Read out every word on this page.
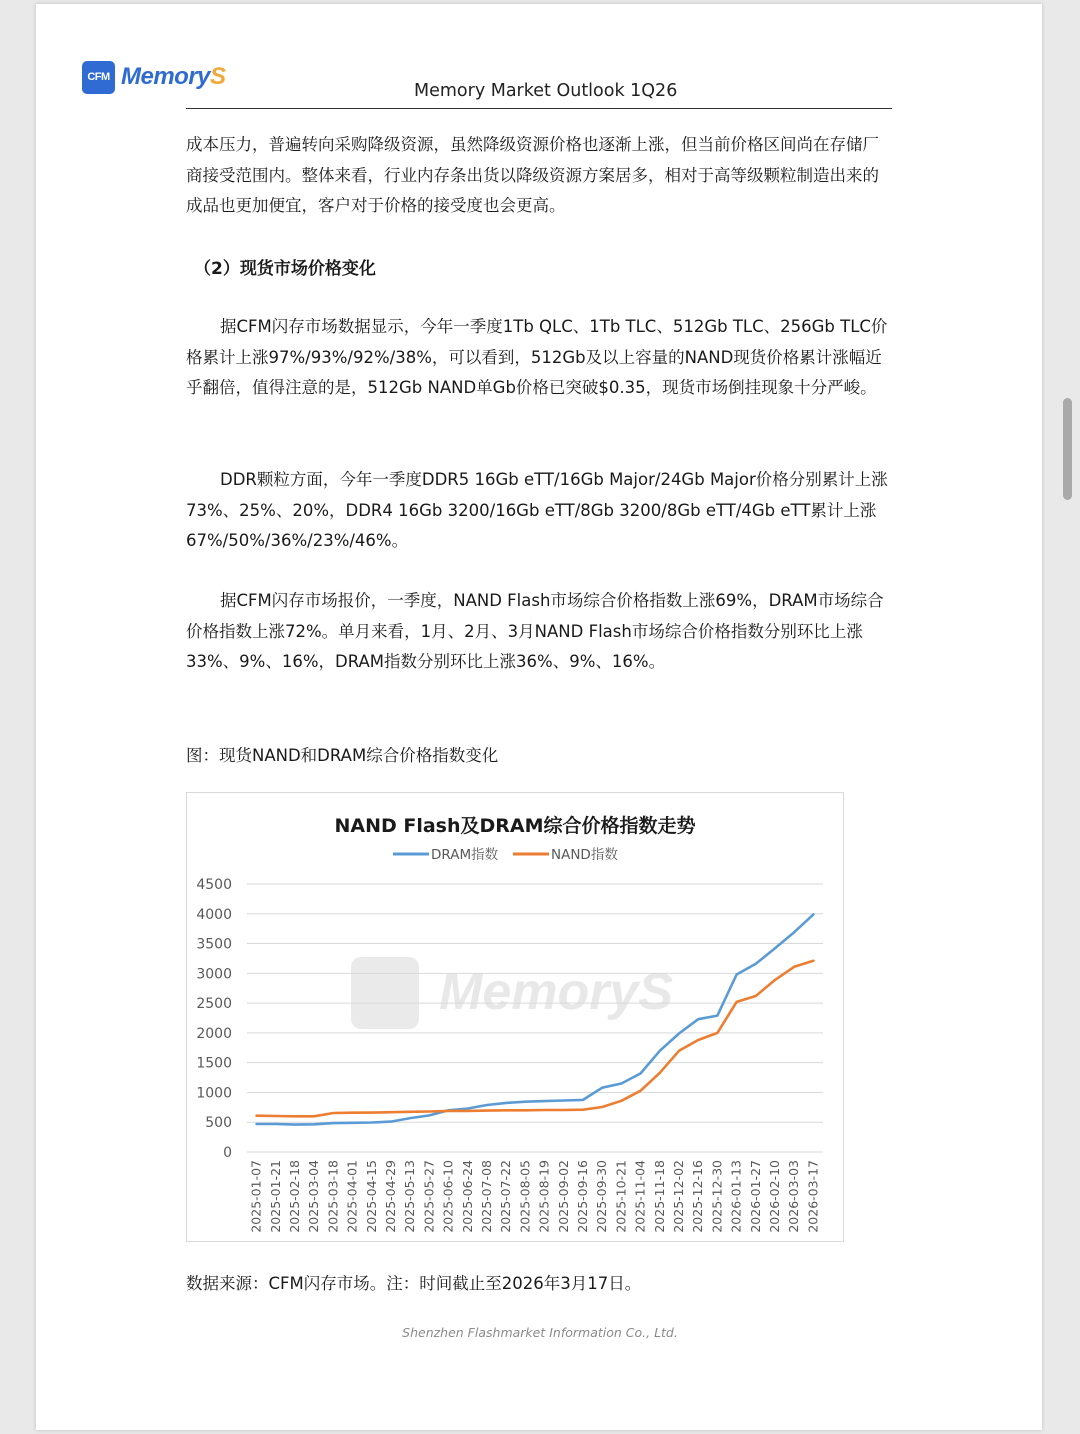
CFM MemoryS
Memory Market Outlook 1Q26

成本压力，普遍转向采购降级资源，虽然降级资源价格也逐渐上涨，但当前价格区间尚在存储厂商接受范围内。整体来看，行业内存条出货以降级资源方案居多，相对于高等级颗粒制造出来的成品也更加便宜，客户对于价格的接受度也会更高。

（2）现货市场价格变化

据CFM闪存市场数据显示，今年一季度1Tb QLC、1Tb TLC、512Gb TLC、256Gb TLC价格累计上涨97%/93%/92%/38%，可以看到，512Gb及以上容量的NAND现货价格累计涨幅近乎翻倍，值得注意的是，512Gb NAND单Gb价格已突破$0.35，现货市场倒挂现象十分严峻。

DDR颗粒方面，今年一季度DDR5 16Gb eTT/16Gb Major/24Gb Major价格分别累计上涨73%、25%、20%，DDR4 16Gb 3200/16Gb eTT/8Gb 3200/8Gb eTT/4Gb eTT累计上涨67%/50%/36%/23%/46%。

据CFM闪存市场报价，一季度，NAND Flash市场综合价格指数上涨69%，DRAM市场综合价格指数上涨72%。单月来看，1月、2月、3月NAND Flash市场综合价格指数分别环比上涨33%、9%、16%，DRAM指数分别环比上涨36%、9%、16%。

图：现货NAND和DRAM综合价格指数变化

NAND Flash及DRAM综合价格指数走势
MemoryS
DRAM指数	NAND指数
0
500
1000
1500
2000
2500
3000
3500
4000
4500
2025-01-07 2025-01-21 2025-02-18 2025-03-04 2025-03-18 2025-04-01 2025-04-15 2025-04-29 2025-05-13 2025-05-27 2025-06-10 2025-06-24 2025-07-08 2025-07-22 2025-08-05 2025-08-19 2025-09-02 2025-09-16 2025-09-30 2025-10-21 2025-11-04 2025-11-18 2025-12-02 2025-12-16 2025-12-30 2026-01-13 2026-01-27 2026-02-10 2026-03-03 2026-03-17

数据来源：CFM闪存市场。注：时间截止至2026年3月17日。

Shenzhen Flashmarket Information Co., Ltd.
